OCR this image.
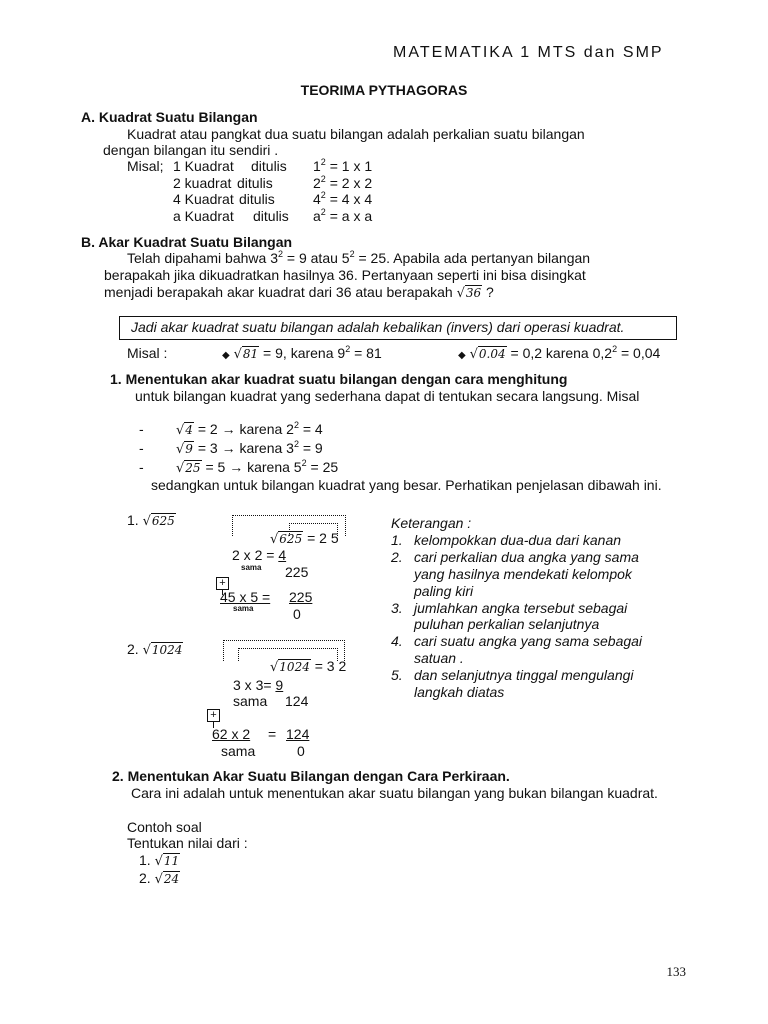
MATEMATIKA 1 MTS dan SMP
TEORIMA PYTHAGORAS
A. Kuadrat Suatu Bilangan
Kuadrat atau pangkat dua suatu bilangan adalah perkalian suatu bilangan
dengan bilangan itu sendiri .
Misal; 1 Kuadrat ditulis $1^2 = 1$ x 1
2 kuadrat ditulis	$2^2 = 2$ x 2
4 Kuadrat ditulis	$4^2 = 4$ x 4
a Kuadrat ditulis $a^2 = a$ x a
B. Akar Kuadrat Suatu Bilangan
Telah dipahami bahwa $3^2 = 9$ atau $5^2 = 25$. Apabila ada pertanyan bilangan
berapakah jika dikuadratkan hasilnya 36. Pertanyaan seperti ini bisa disingkat
menjadi berapakah akar kuadrat dari 36 atau berapakah √36 ?
Jadi akar kuadrat suatu bilangan adalah kebalikan (invers) dari operasi kuadrat.
Misal :	◆ √81 = 9, karena $9^2 = 81$	◆ √0.04 = 0,2 karena $0,2^2 = 0,04$
1. Menentukan akar kuadrat suatu bilangan dengan cara menghitung
untuk bilangan kuadrat yang sederhana dapat di tentukan secara langsung. Misal
- √4 = 2 → karena $2^2 = 4$
- √9 = 3 → karena $3^2 = 9$
- √25 = 5 → karena $5^2 = 25$
sedangkan untuk bilangan kuadrat yang besar. Perhatikan penjelasan dibawah ini.
1. √625
√625 = 2 5
2 x 2 = 4
sama 225
+
45 x 5 = 225
sama	0
2. √1024
√1024 = 3 2
3 x 3= 9
sama 124
+
62 x 2 = 124
sama	0
Keterangan :
1. kelompokkan dua-dua dari kanan
2. cari perkalian dua angka yang sama
yang hasilnya mendekati kelompok
paling kiri
3. jumlahkan angka tersebut sebagai
puluhan perkalian selanjutnya
4. cari suatu angka yang sama sebagai
satuan .
5. dan selanjutnya tinggal mengulangi
langkah diatas
2. Menentukan Akar Suatu Bilangan dengan Cara Perkiraan.
Cara ini adalah untuk menentukan akar suatu bilangan yang bukan bilangan kuadrat.
Contoh soal
Tentukan nilai dari :
1. √11
2. √24
133
